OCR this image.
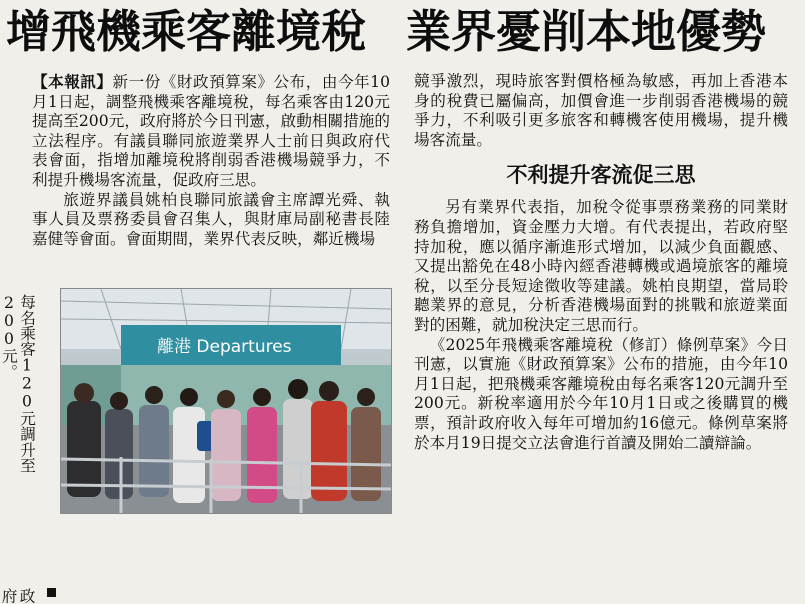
增飛機乘客離境稅 業界憂削本地優勢

【本報訊】新一份《財政預算案》公布，由今年10月1日起，調整飛機乘客離境稅，每名乘客由120元提高至200元，政府將於今日刊憲，啟動相關措施的立法程序。有議員聯同旅遊業界人士前日與政府代表會面，指增加離境稅將削弱香港機場競爭力，不利提升機場客流量，促政府三思。

旅遊界議員姚柏良聯同旅議會主席譚光舜、執事人員及票務委員會召集人，與財庫局副秘書長陸嘉健等會面。會面期間，業界代表反映，鄰近機場

政府
每名乘客120元調升至200元。	離港 Departures

競爭激烈，現時旅客對價格極為敏感，再加上香港本身的稅費已屬偏高，加價會進一步削弱香港機場的競爭力，不利吸引更多旅客和轉機客使用機場，提升機場客流量。

不利提升客流促三思

另有業界代表指，加稅令從事票務業務的同業財務負擔增加，資金壓力大增。有代表提出，若政府堅持加稅，應以循序漸進形式增加，以減少負面觀感、又提出豁免在48小時內經香港轉機或過境旅客的離境稅，以至分長短途徵收等建議。姚柏良期望，當局聆聽業界的意見，分析香港機場面對的挑戰和旅遊業面對的困難，就加稅決定三思而行。

《2025年飛機乘客離境稅（修訂）條例草案》今日刊憲，以實施《財政預算案》公布的措施，由今年10月1日起，把飛機乘客離境稅由每名乘客120元調升至200元。新稅率適用於今年10月1日或之後購買的機票，預計政府收入每年可增加約16億元。條例草案將於本月19日提交立法會進行首讀及開始二讀辯論。
